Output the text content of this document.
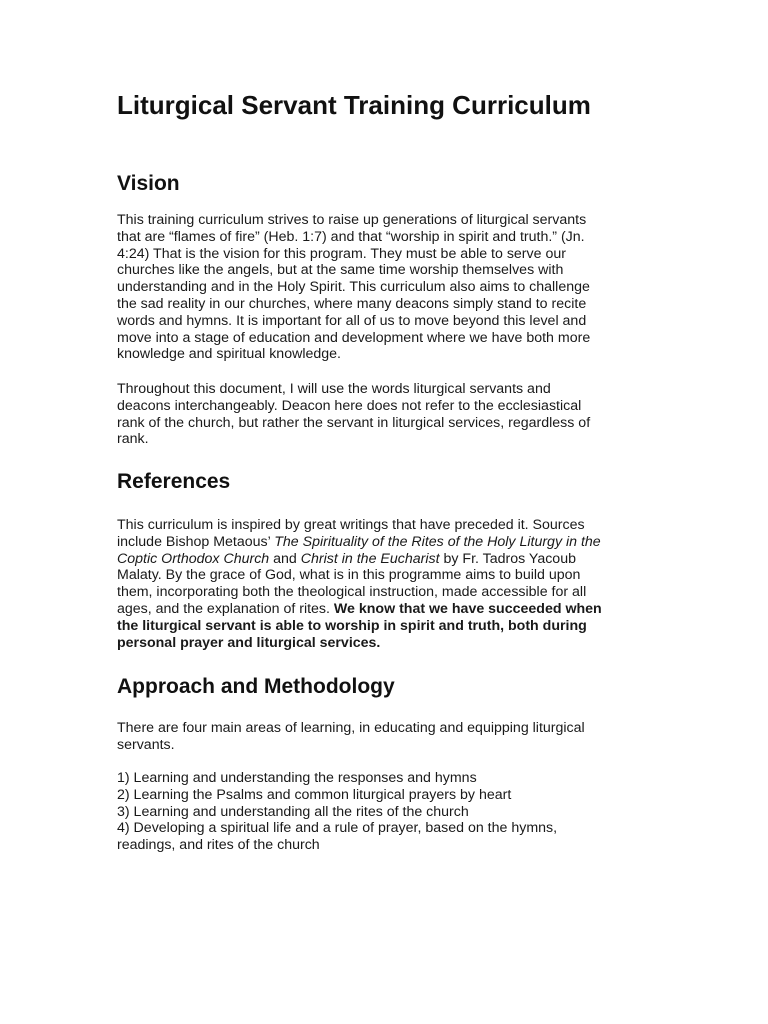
Liturgical Servant Training Curriculum
Vision

This training curriculum strives to raise up generations of liturgical servants
that are “flames of fire” (Heb. 1:7) and that “worship in spirit and truth.” (Jn.
4:24) That is the vision for this program. They must be able to serve our
churches like the angels, but at the same time worship themselves with
understanding and in the Holy Spirit. This curriculum also aims to challenge
the sad reality in our churches, where many deacons simply stand to recite
words and hymns. It is important for all of us to move beyond this level and
move into a stage of education and development where we have both more
knowledge and spiritual knowledge.

Throughout this document, I will use the words liturgical servants and
deacons interchangeably. Deacon here does not refer to the ecclesiastical
rank of the church, but rather the servant in liturgical services, regardless of
rank.

References

This curriculum is inspired by great writings that have preceded it. Sources
include Bishop Metaous’ The Spirituality of the Rites of the Holy Liturgy in the
Coptic Orthodox Church and Christ in the Eucharist by Fr. Tadros Yacoub
Malaty. By the grace of God, what is in this programme aims to build upon
them, incorporating both the theological instruction, made accessible for all
ages, and the explanation of rites. We know that we have succeeded when
the liturgical servant is able to worship in spirit and truth, both during
personal prayer and liturgical services.

Approach and Methodology

There are four main areas of learning, in educating and equipping liturgical
servants.

1) Learning and understanding the responses and hymns
2) Learning the Psalms and common liturgical prayers by heart
3) Learning and understanding all the rites of the church
4) Developing a spiritual life and a rule of prayer, based on the hymns,
readings, and rites of the church
